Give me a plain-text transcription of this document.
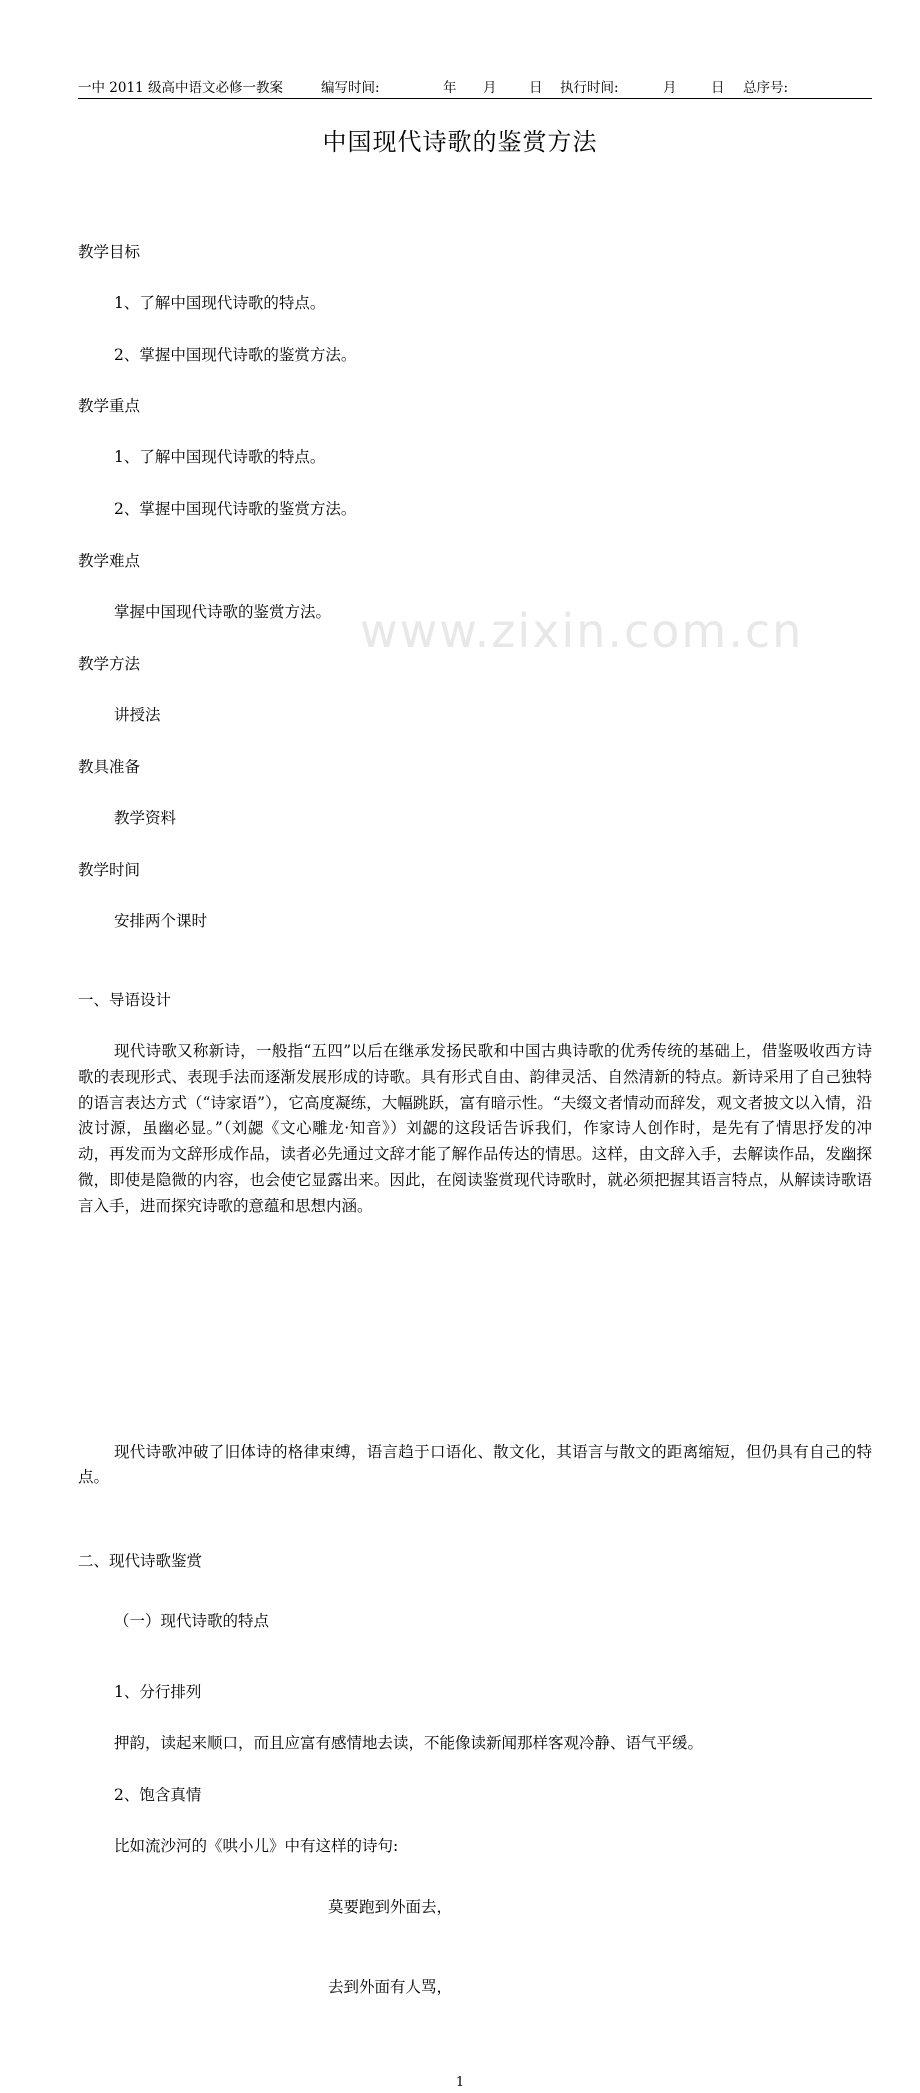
www.zixin.com.cn
一中 2011 级高中语文必修一教案	编写时间:	年 月 日 执行时间:	月	日 总序号:
中国现代诗歌的鉴赏方法
教学目标
1、了解中国现代诗歌的特点。
2、掌握中国现代诗歌的鉴赏方法。
教学重点
1、了解中国现代诗歌的特点。
2、掌握中国现代诗歌的鉴赏方法。
教学难点
掌握中国现代诗歌的鉴赏方法。
教学方法
讲授法
教具准备
教学资料
教学时间
安排两个课时
一、导语设计
现代诗歌又称新诗，一般指“五四”以后在继承发扬民歌和中国古典诗歌的优秀传统的基础上，借鉴吸收西方诗歌的表现形式、表现手法而逐渐发展形成的诗歌。具有形式自由、韵律灵活、自然清新的特点。新诗采用了自己独特的语言表达方式（“诗家语”），它高度凝练，大幅跳跃，富有暗示性。“夫缀文者情动而辞发，观文者披文以入情，沿波讨源，虽幽必显。”（刘勰《文心雕龙·知音》）刘勰的这段话告诉我们，作家诗人创作时，是先有了情思抒发的冲动，再发而为文辞形成作品，读者必先通过文辞才能了解作品传达的情思。这样，由文辞入手，去解读作品，发幽探微，即使是隐微的内容，也会使它显露出来。因此，在阅读鉴赏现代诗歌时，就必须把握其语言特点，从解读诗歌语言入手，进而探究诗歌的意蕴和思想内涵。
现代诗歌冲破了旧体诗的格律束缚，语言趋于口语化、散文化，其语言与散文的距离缩短，但仍具有自己的特点。
二、现代诗歌鉴赏
（一）现代诗歌的特点
1、分行排列
押韵，读起来顺口，而且应富有感情地去读，不能像读新闻那样客观冷静、语气平缓。
2、饱含真情
比如流沙河的《哄小儿》中有这样的诗句:
莫要跑到外面去，
去到外面有人骂，
1
